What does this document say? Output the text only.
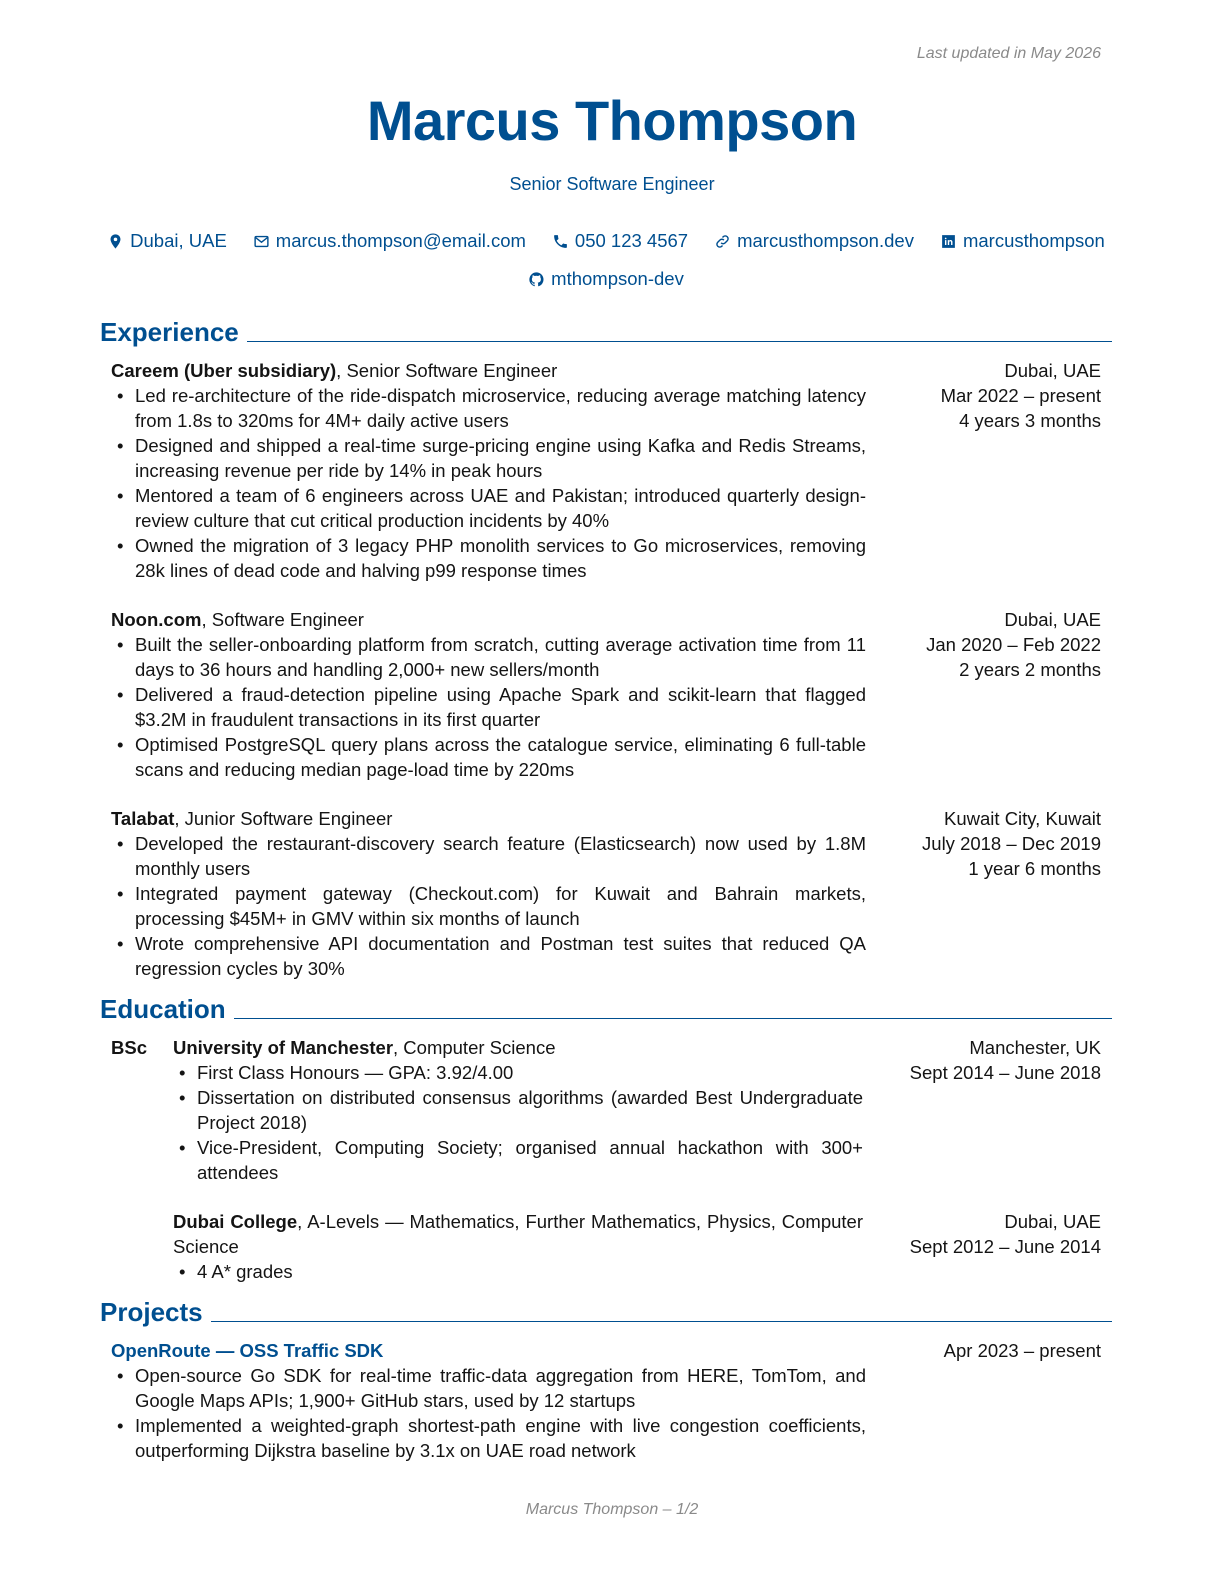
Last updated in May 2026
Marcus Thompson
Senior Software Engineer
Dubai, UAE	marcus.thompson@email.com	050 123 4567	marcusthompson.dev	marcusthompson
mthompson-dev
Experience
Careem (Uber subsidiary), Senior Software Engineer
• Led re-architecture of the ride-dispatch microservice, reducing average matching latency from 1.8s to 320ms for 4M+ daily active users
• Designed and shipped a real-time surge-pricing engine using Kafka and Redis Streams, increasing revenue per ride by 14% in peak hours
• Mentored a team of 6 engineers across UAE and Pakistan; introduced quarterly design-review culture that cut critical production incidents by 40%
• Owned the migration of 3 legacy PHP monolith services to Go microservices, removing 28k lines of dead code and halving p99 response times
Dubai, UAE
Mar 2022 – present
4 years 3 months
Noon.com, Software Engineer
• Built the seller-onboarding platform from scratch, cutting average activation time from 11 days to 36 hours and handling 2,000+ new sellers/month
• Delivered a fraud-detection pipeline using Apache Spark and scikit-learn that flagged $3.2M in fraudulent transactions in its first quarter
• Optimised PostgreSQL query plans across the catalogue service, eliminating 6 full-table scans and reducing median page-load time by 220ms
Dubai, UAE
Jan 2020 – Feb 2022
2 years 2 months
Talabat, Junior Software Engineer
• Developed the restaurant-discovery search feature (Elasticsearch) now used by 1.8M monthly users
• Integrated payment gateway (Checkout.com) for Kuwait and Bahrain markets, processing $45M+ in GMV within six months of launch
• Wrote comprehensive API documentation and Postman test suites that reduced QA regression cycles by 30%
Kuwait City, Kuwait
July 2018 – Dec 2019
1 year 6 months
Education
BSc University of Manchester, Computer Science
• First Class Honours — GPA: 3.92/4.00
• Dissertation on distributed consensus algorithms (awarded Best Undergraduate Project 2018)
• Vice-President, Computing Society; organised annual hackathon with 300+ attendees
Manchester, UK
Sept 2014 – June 2018
Dubai College, A-Levels — Mathematics, Further Mathematics, Physics, Computer Science
• 4 A* grades
Dubai, UAE
Sept 2012 – June 2014
Projects
OpenRoute — OSS Traffic SDK
• Open-source Go SDK for real-time traffic-data aggregation from HERE, TomTom, and Google Maps APIs; 1,900+ GitHub stars, used by 12 startups
• Implemented a weighted-graph shortest-path engine with live congestion coefficients, outperforming Dijkstra baseline by 3.1x on UAE road network
Apr 2023 – present
Marcus Thompson – 1/2
